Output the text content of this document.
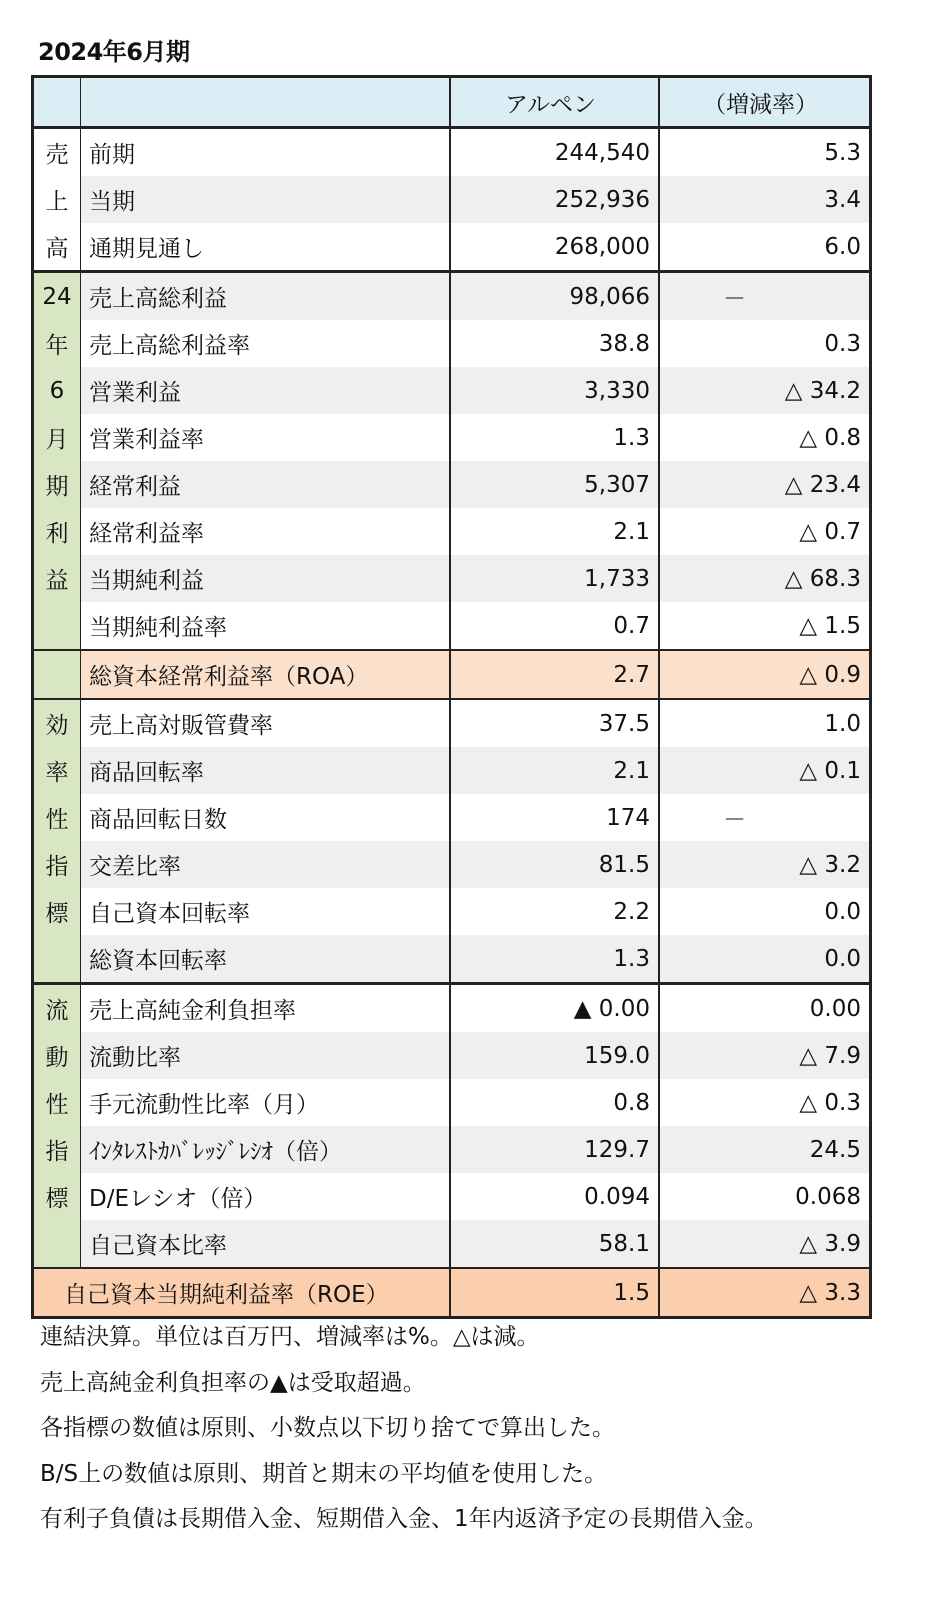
2024年6月期
		アルペン	（増減率）
売	前期	244,540	5.3
上	当期	252,936	3.4
高	通期見通し	268,000	6.0
24	売上高総利益	98,066	－
年	売上高総利益率	38.8	0.3
6	営業利益	3,330	△ 34.2
月	営業利益率	1.3	△ 0.8
期	経常利益	5,307	△ 23.4
利	経常利益率	2.1	△ 0.7
益	当期純利益	1,733	△ 68.3
	当期純利益率	0.7	△ 1.5
	総資本経常利益率（ROA）	2.7	△ 0.9
効	売上高対販管費率	37.5	1.0
率	商品回転率	2.1	△ 0.1
性	商品回転日数	174	－
指	交差比率	81.5	△ 3.2
標	自己資本回転率	2.2	0.0
	総資本回転率	1.3	0.0
流	売上高純金利負担率	▲ 0.00	0.00
動	流動比率	159.0	△ 7.9
性	手元流動性比率（月）	0.8	△ 0.3
指	ｲﾝﾀﾚｽﾄｶﾊﾞﾚｯｼﾞﾚｼｵ（倍）	129.7	24.5
標	D/Eレシオ（倍）	0.094	0.068
	自己資本比率	58.1	△ 3.9
自己資本当期純利益率（ROE）		1.5	△ 3.3
連結決算。単位は百万円、増減率は%。△は減。
売上高純金利負担率の▲は受取超過。
各指標の数値は原則、小数点以下切り捨てで算出した。
B/S上の数値は原則、期首と期末の平均値を使用した。
有利子負債は長期借入金、短期借入金、1年内返済予定の長期借入金。
